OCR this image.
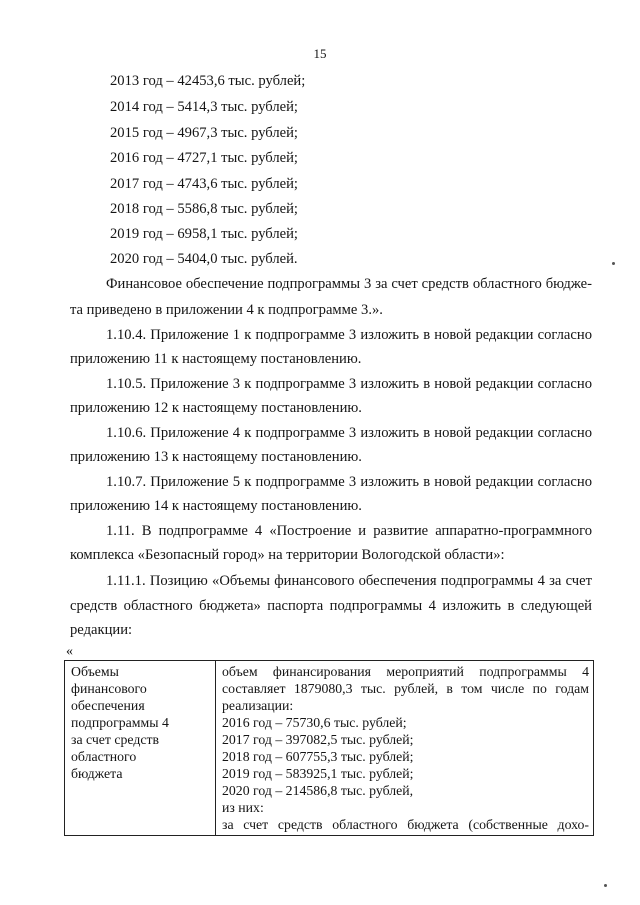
15
2013 год – 42453,6 тыс. рублей;
2014 год – 5414,3 тыс. рублей;
2015 год – 4967,3 тыс. рублей;
2016 год – 4727,1 тыс. рублей;
2017 год – 4743,6 тыс. рублей;
2018 год – 5586,8 тыс. рублей;
2019 год – 6958,1 тыс. рублей;
2020 год – 5404,0 тыс. рублей.
Финансовое обеспечение подпрограммы 3 за счет средств областного бюдже-
та приведено в приложении 4 к подпрограмме 3.».
1.10.4. Приложение 1 к подпрограмме 3 изложить в новой редакции согласно
приложению 11 к настоящему постановлению.
1.10.5. Приложение 3 к подпрограмме 3 изложить в новой редакции согласно
приложению 12 к настоящему постановлению.
1.10.6. Приложение 4 к подпрограмме 3 изложить в новой редакции согласно
приложению 13 к настоящему постановлению.
1.10.7. Приложение 5 к подпрограмме 3 изложить в новой редакции согласно
приложению 14 к настоящему постановлению.
1.11. В подпрограмме 4 «Построение и развитие аппаратно-программного
комплекса «Безопасный город» на территории Вологодской области»:
1.11.1. Позицию «Объемы финансового обеспечения подпрограммы 4 за счет
средств областного бюджета» паспорта подпрограммы 4 изложить в следующей
редакции:
«
Объемы
финансового
обеспечения
подпрограммы 4
за счет средств
областного
бюджета

объем финансирования мероприятий подпрограммы 4
составляет 1879080,3 тыс. рублей, в том числе по годам
реализации:
2016 год – 75730,6 тыс. рублей;
2017 год – 397082,5 тыс. рублей;
2018 год – 607755,3 тыс. рублей;
2019 год – 583925,1 тыс. рублей;
2020 год – 214586,8 тыс. рублей,
из них:
за счет средств областного бюджета (собственные дохо-
